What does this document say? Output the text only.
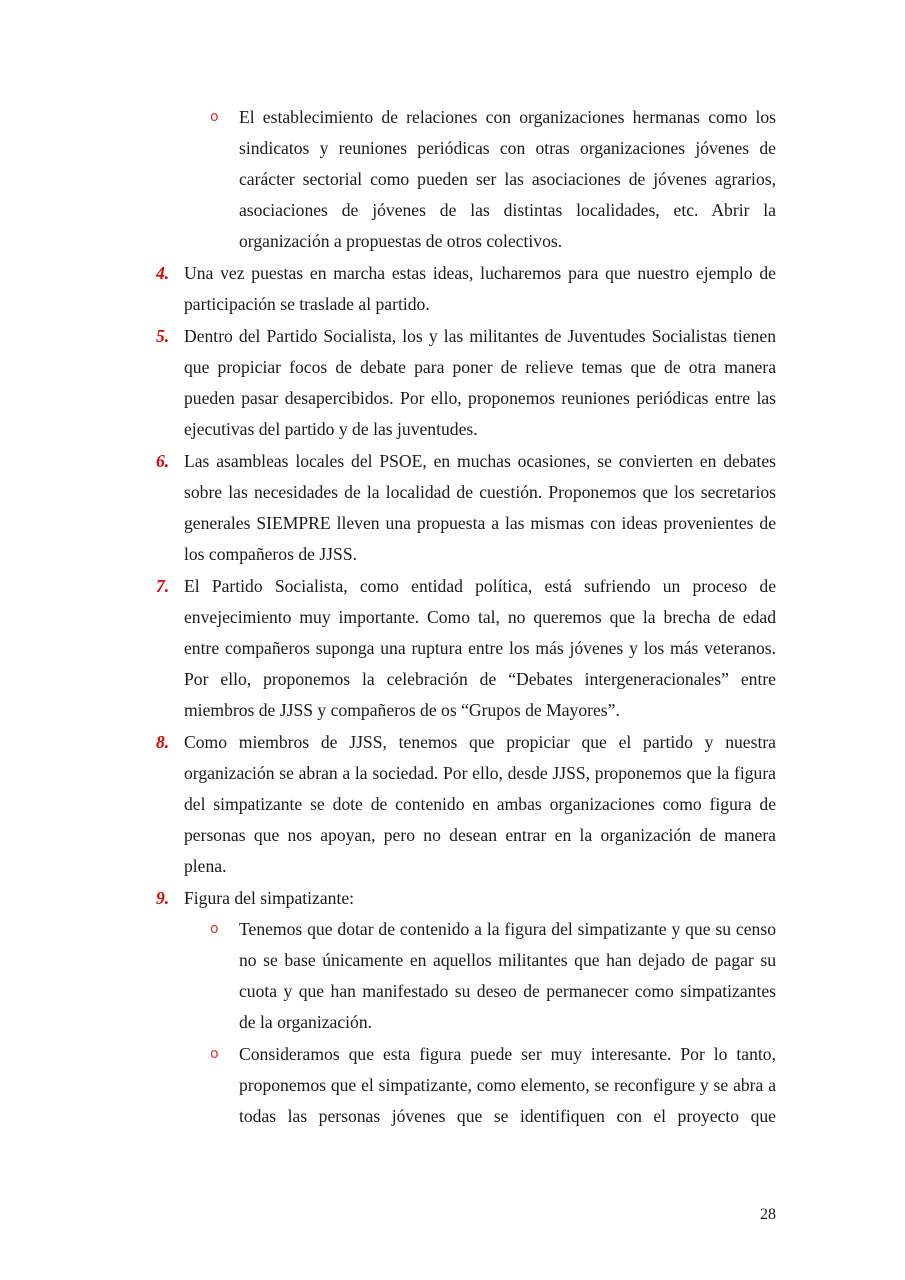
o El establecimiento de relaciones con organizaciones hermanas como los sindicatos y reuniones periódicas con otras organizaciones jóvenes de carácter sectorial como pueden ser las asociaciones de jóvenes agrarios, asociaciones de jóvenes de las distintas localidades, etc. Abrir la organización a propuestas de otros colectivos.

4. Una vez puestas en marcha estas ideas, lucharemos para que nuestro ejemplo de participación se traslade al partido.

5. Dentro del Partido Socialista, los y las militantes de Juventudes Socialistas tienen que propiciar focos de debate para poner de relieve temas que de otra manera pueden pasar desapercibidos. Por ello, proponemos reuniones periódicas entre las ejecutivas del partido y de las juventudes.

6. Las asambleas locales del PSOE, en muchas ocasiones, se convierten en debates sobre las necesidades de la localidad de cuestión. Proponemos que los secretarios generales SIEMPRE lleven una propuesta a las mismas con ideas provenientes de los compañeros de JJSS.

7. El Partido Socialista, como entidad política, está sufriendo un proceso de envejecimiento muy importante. Como tal, no queremos que la brecha de edad entre compañeros suponga una ruptura entre los más jóvenes y los más veteranos. Por ello, proponemos la celebración de “Debates intergeneracionales” entre miembros de JJSS y compañeros de os “Grupos de Mayores”.

8. Como miembros de JJSS, tenemos que propiciar que el partido y nuestra organización se abran a la sociedad. Por ello, desde JJSS, proponemos que la figura del simpatizante se dote de contenido en ambas organizaciones como figura de personas que nos apoyan, pero no desean entrar en la organización de manera plena.

9. Figura del simpatizante:

o Tenemos que dotar de contenido a la figura del simpatizante y que su censo no se base únicamente en aquellos militantes que han dejado de pagar su cuota y que han manifestado su deseo de permanecer como simpatizantes de la organización.

o Consideramos que esta figura puede ser muy interesante. Por lo tanto, proponemos que el simpatizante, como elemento, se reconfigure y se abra a todas las personas jóvenes que se identifiquen con el proyecto que

28
